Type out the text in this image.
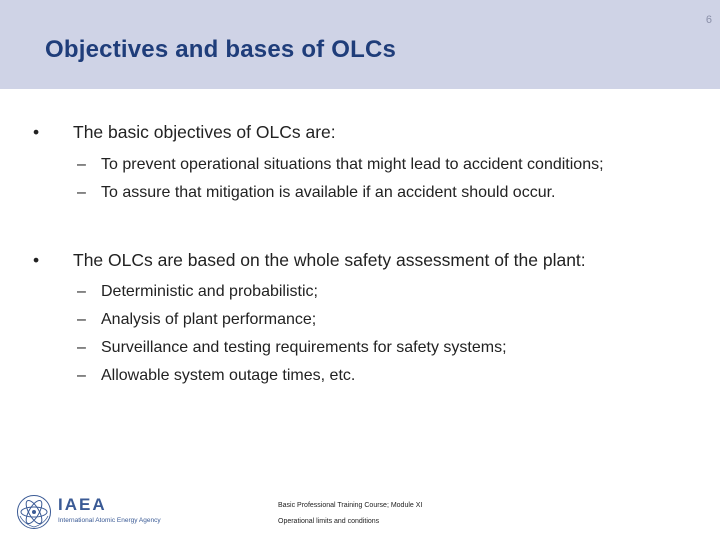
6
Objectives and bases of OLCs
• The basic objectives of OLCs are:
– To prevent operational situations that might lead to accident conditions;
– To assure that mitigation is available if an accident should occur.
• The OLCs are based on the whole safety assessment of the plant:
– Deterministic and probabilistic;
– Analysis of plant performance;
– Surveillance and testing requirements for safety systems;
– Allowable system outage times, etc.
IAEA
International Atomic Energy Agency
Basic Professional Training Course; Module XI
Operational limits and conditions
